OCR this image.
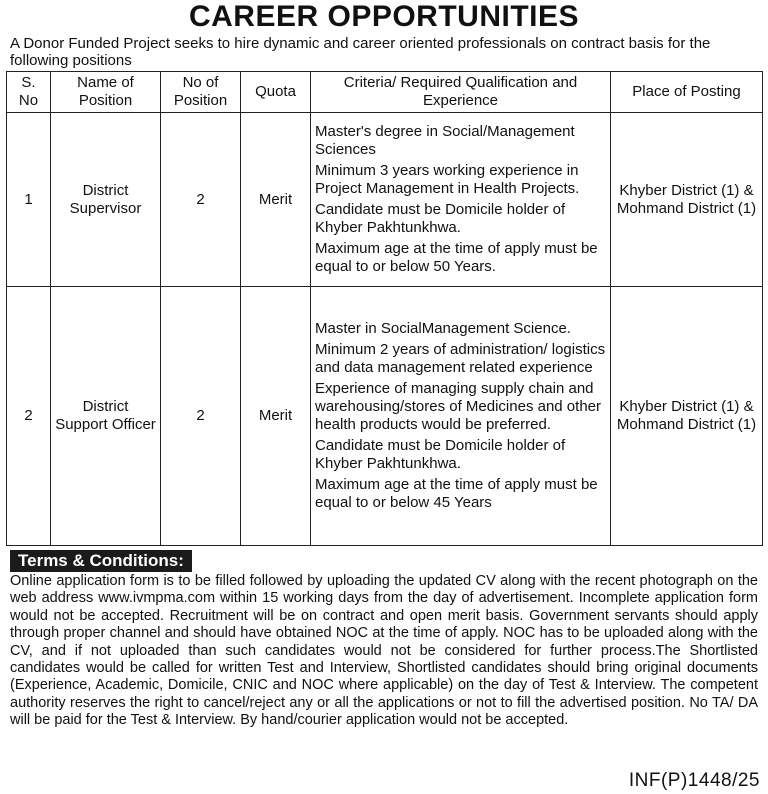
CAREER OPPORTUNITIES
A Donor Funded Project seeks to hire dynamic and career oriented professionals on contract basis for the following positions
S. No	Name of Position	No of Position	Quota	Criteria/ Required Qualification and Experience	Place of Posting
1	District Supervisor	2	Merit	Master's degree in Social/Management Sciences
Minimum 3 years working experience in Project Management in Health Projects.
Candidate must be Domicile holder of Khyber Pakhtunkhwa.
Maximum age at the time of apply must be equal to or below 50 Years.	Khyber District (1) & Mohmand District (1)
2	District Support Officer	2	Merit	Master in SocialManagement Science.
Minimum 2 years of administration/ logistics and data management related experience
Experience of managing supply chain and warehousing/stores of Medicines and other health products would be preferred.
Candidate must be Domicile holder of Khyber Pakhtunkhwa.
Maximum age at the time of apply must be equal to or below 45 Years	Khyber District (1) & Mohmand District (1)
Terms & Conditions:
Online application form is to be filled followed by uploading the updated CV along with the recent photograph on the web address www.ivmpma.com within 15 working days from the day of advertisement. Incomplete application form would not be accepted. Recruitment will be on contract and open merit basis. Government servants should apply through proper channel and should have obtained NOC at the time of apply. NOC has to be uploaded along with the CV, and if not uploaded than such candidates would not be considered for further process.The Shortlisted candidates would be called for written Test and Interview, Shortlisted candidates should bring original documents (Experience, Academic, Domicile, CNIC and NOC where applicable) on the day of Test & Interview. The competent authority reserves the right to cancel/reject any or all the applications or not to fill the advertised position. No TA/ DA will be paid for the Test & Interview. By hand/courier application would not be accepted.
INF(P)1448/25
